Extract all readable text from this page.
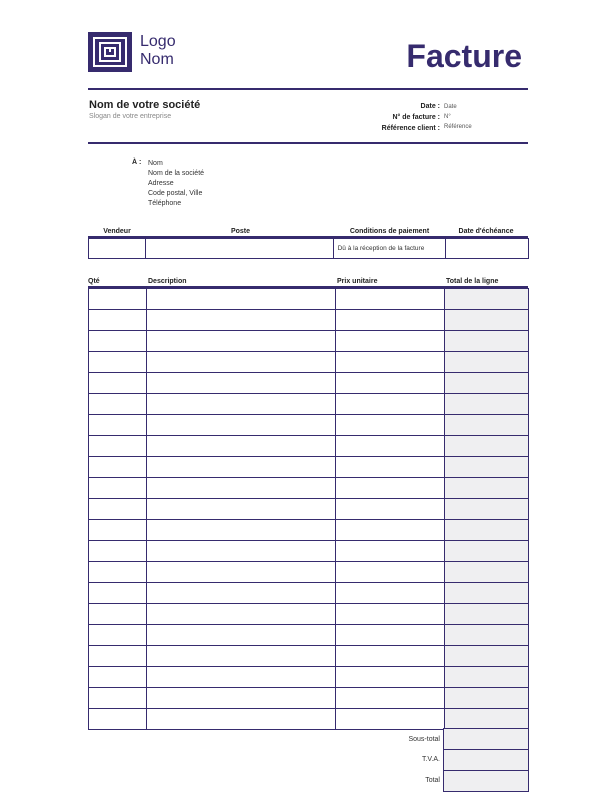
Logo Nom	Facture
Nom de votre société
Slogan de votre entreprise
Date : Date
N° de facture : N°
Référence client : Référence
À : Nom
Nom de la société
Adresse
Code postal, Ville
Téléphone
Vendeur	Poste	Conditions de paiement	Date d'échéance
		Dû à la réception de la facture	
Qté	Description	Prix unitaire	Total de la ligne

Sous-total
T.V.A.
Total
